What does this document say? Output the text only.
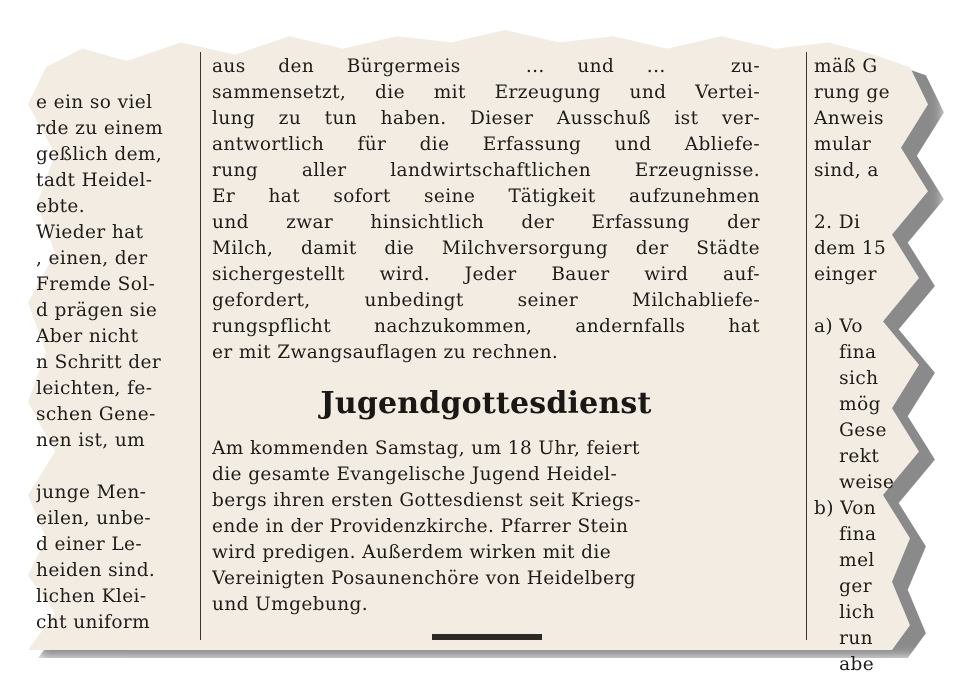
e ein so viel
rde zu einem
geßlich dem,
tadt Heidel-
ebte.
Wieder hat
, einen, der
Fremde Sol-
d prägen sie
Aber nicht
n Schritt der
leichten, fe-
schen Gene-
nen ist, um
junge Men-
eilen, unbe-
d einer Le-
heiden sind.
lichen Klei-
cht uniform
aus den Bürgermeis  ... und ...  zu-
sammensetzt, die mit Erzeugung und Vertei-
lung zu tun haben. Dieser Ausschuß ist ver-
antwortlich für die Erfassung und Abliefe-
rung aller landwirtschaftlichen Erzeugnisse.
Er hat sofort seine Tätigkeit aufzunehmen
und zwar hinsichtlich der Erfassung der
Milch, damit die Milchversorgung der Städte
sichergestellt wird. Jeder Bauer wird auf-
gefordert, unbedingt seiner Milchabliefe-
rungspflicht nachzukommen, andernfalls hat
er mit Zwangsauflagen zu rechnen.
Jugendgottesdienst
Am kommenden Samstag, um 18 Uhr, feiert
die gesamte Evangelische Jugend Heidel-
bergs ihren ersten Gottesdienst seit Kriegs-
ende in der Providenzkirche. Pfarrer Stein
wird predigen. Außerdem wirken mit die
Vereinigten Posaunenchöre von Heidelberg
und Umgebung.
mäß G
rung ge
Anweis
mular
sind, a
2. Di
dem 15
einger
a) Vo
fina
sich
mög
Gese
rekt
weise
b) Von
fina
mel
ger
lich
run
abe
